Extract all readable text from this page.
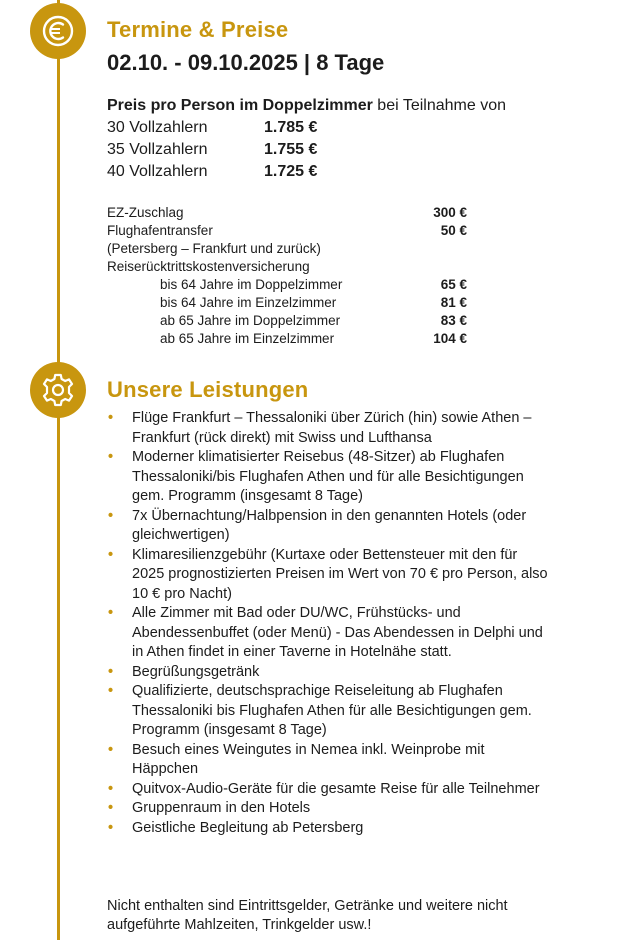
Termine & Preise
02.10. - 09.10.2025 | 8 Tage
Preis pro Person im Doppelzimmer bei Teilnahme von
30 Vollzahlern	1.785 €
35 Vollzahlern	1.755 €
40 Vollzahlern	1.725 €
EZ-Zuschlag	300 €
Flughafentransfer	50 €
(Petersberg – Frankfurt und zurück)
Reiserücktrittskostenversicherung
bis 64 Jahre im Doppelzimmer	65 €
bis 64 Jahre im Einzelzimmer	81 €
ab 65 Jahre im Doppelzimmer	83 €
ab 65 Jahre im Einzelzimmer	104 €
Unsere Leistungen
• Flüge Frankfurt – Thessaloniki über Zürich (hin) sowie Athen – Frankfurt (rück direkt) mit Swiss und Lufthansa
• Moderner klimatisierter Reisebus (48-Sitzer) ab Flughafen Thessaloniki/bis Flughafen Athen und für alle Besichtigungen gem. Programm (insgesamt 8 Tage)
• 7x Übernachtung/Halbpension in den genannten Hotels (oder gleichwertigen)
• Klimaresilienzgebühr (Kurtaxe oder Bettensteuer mit den für 2025 prognostizierten Preisen im Wert von 70 € pro Person, also 10 € pro Nacht)
• Alle Zimmer mit Bad oder DU/WC, Frühstücks- und Abendessenbuffet (oder Menü) - Das Abendessen in Delphi und in Athen findet in einer Taverne in Hotelnähe statt.
• Begrüßungsgetränk
• Qualifizierte, deutschsprachige Reiseleitung ab Flughafen Thessaloniki bis Flughafen Athen für alle Besichtigungen gem. Programm (insgesamt 8 Tage)
• Besuch eines Weingutes in Nemea inkl. Weinprobe mit Häppchen
• Quitvox-Audio-Geräte für die gesamte Reise für alle Teilnehmer
• Gruppenraum in den Hotels
• Geistliche Begleitung ab Petersberg

Nicht enthalten sind Eintrittsgelder, Getränke und weitere nicht aufgeführte Mahlzeiten, Trinkgelder usw.!
